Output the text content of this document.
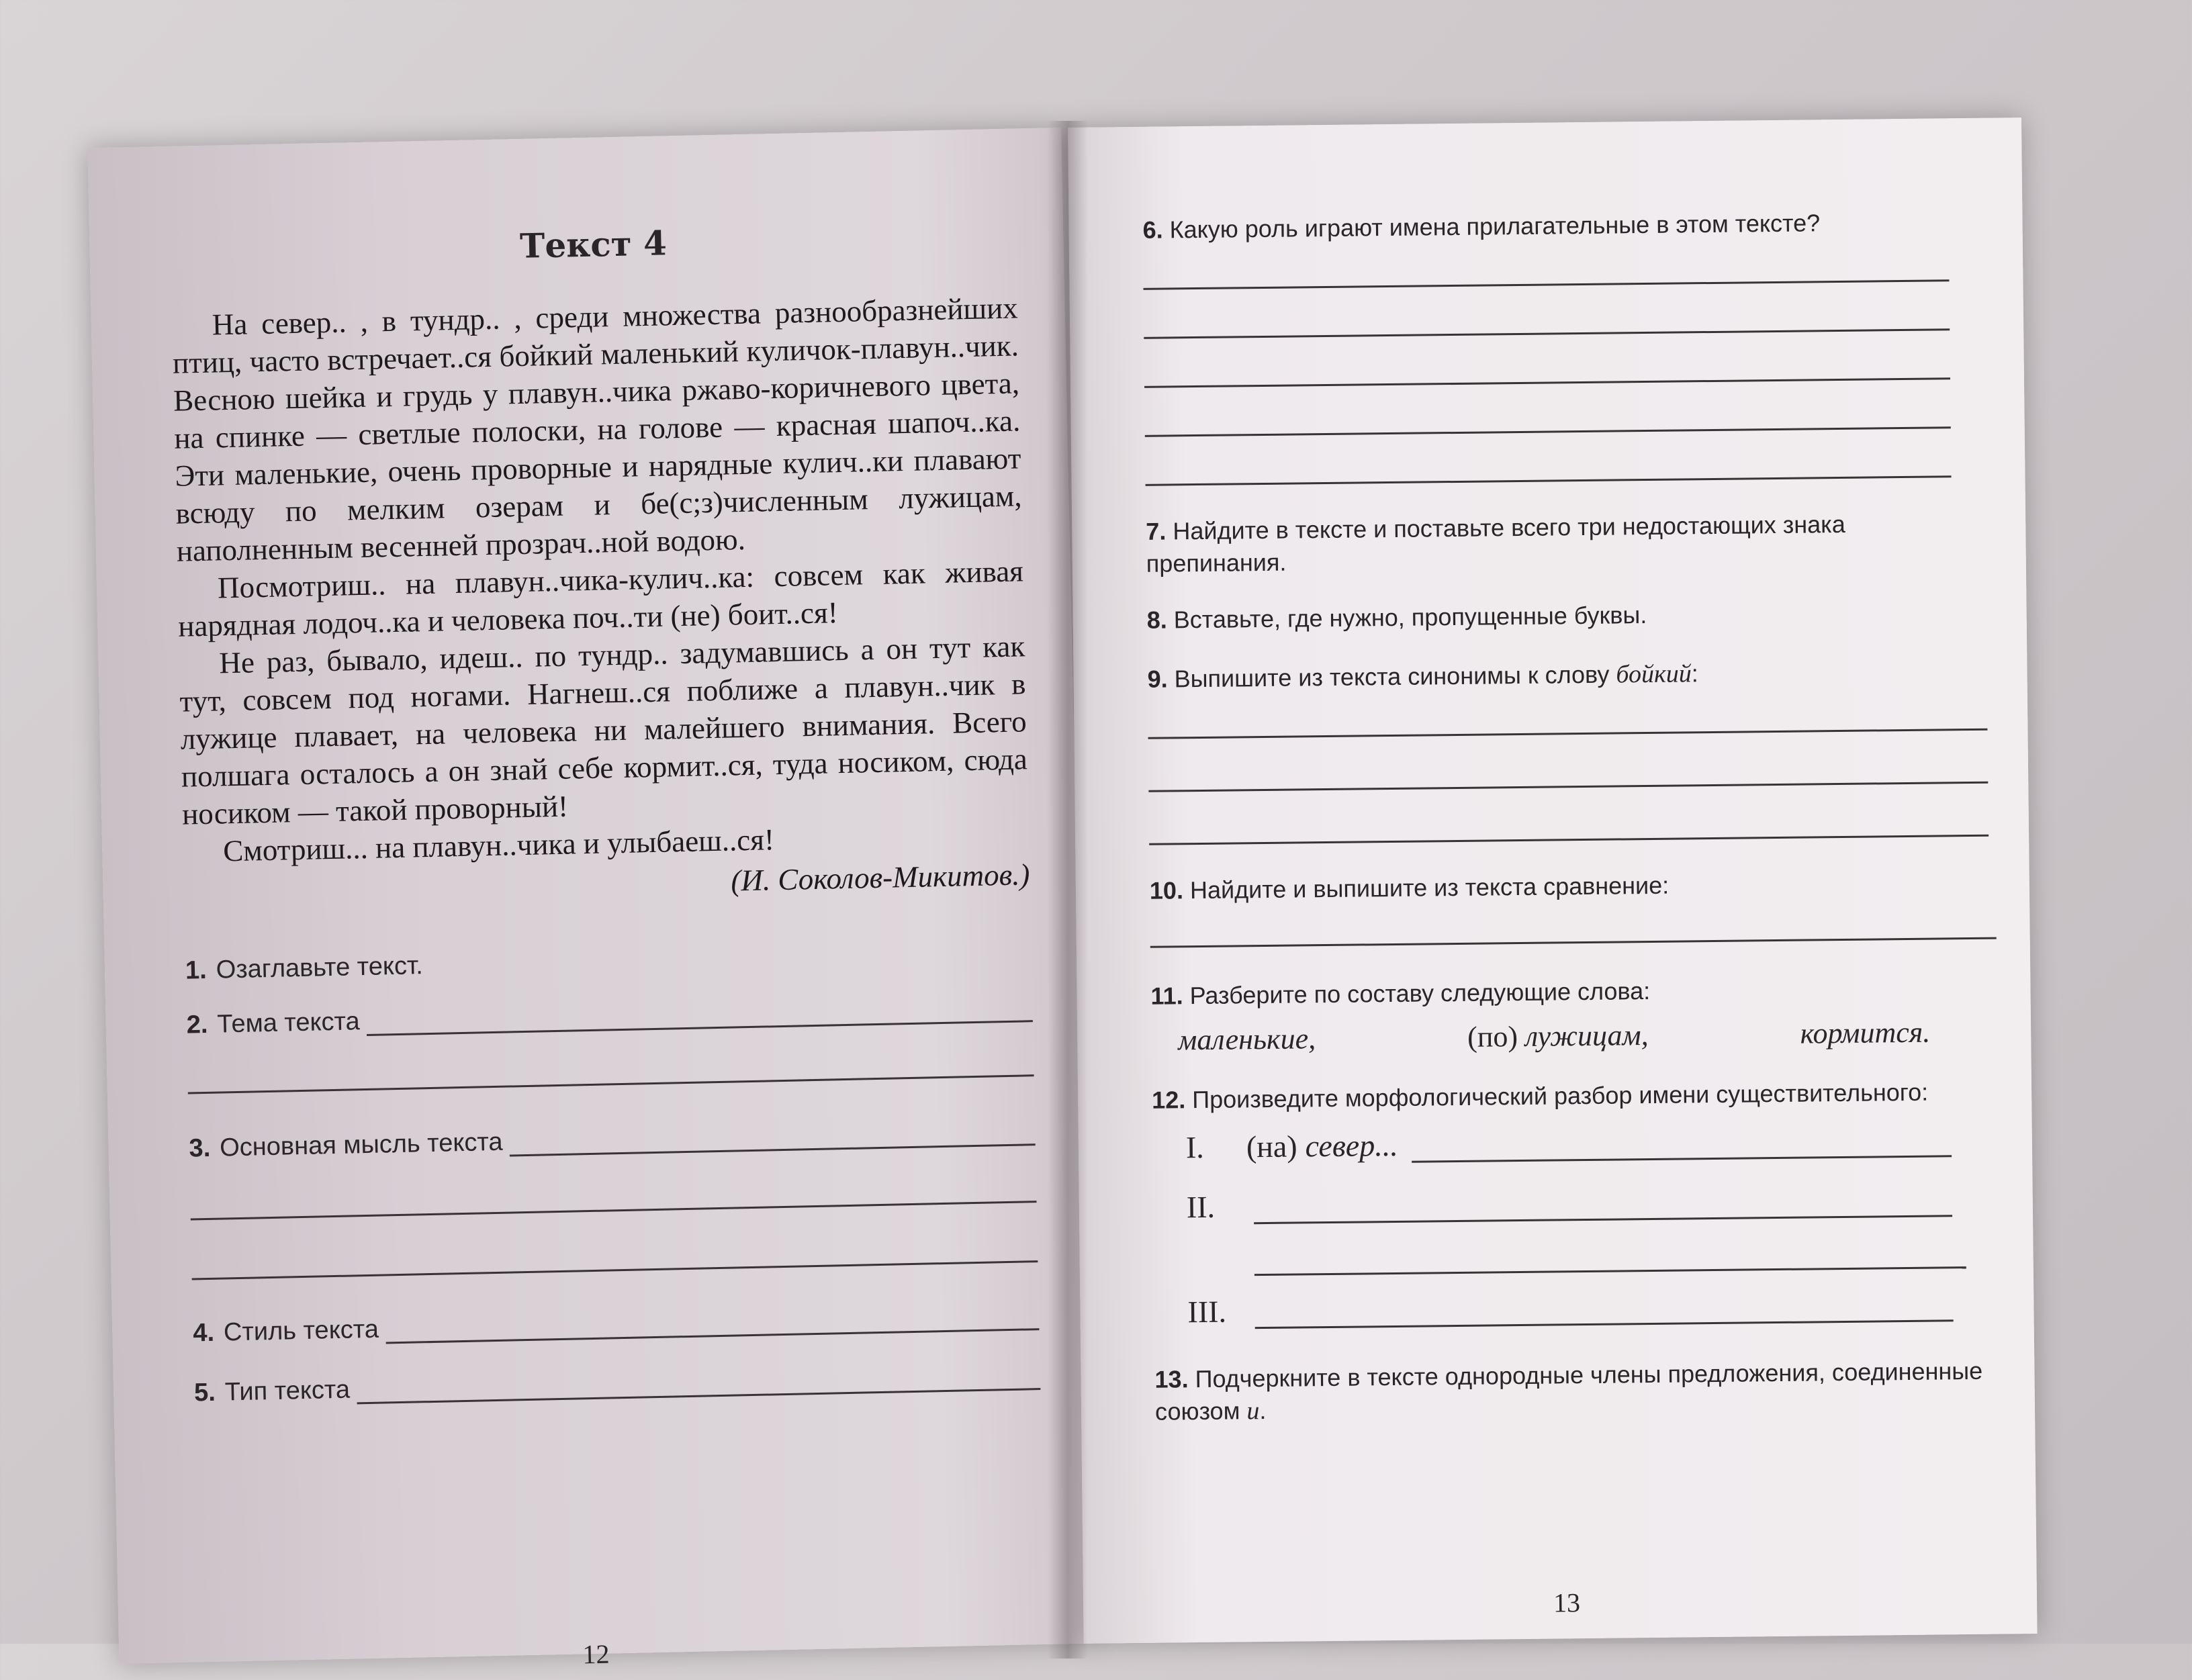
Текст 4

На север.. , в тундр.. , среди множества разнообразнейших птиц, часто встречает..ся бойкий маленький куличок-плавун..чик. Весною шейка и грудь у плавун..чика ржаво-коричневого цвета, на спинке — светлые полоски, на голове — красная шапоч..ка. Эти маленькие, очень проворные и нарядные кулич..ки плавают всюду по мелким озерам и бе(с;з)численным лужицам, наполненным весенней прозрач..ной водою.

Посмотриш.. на плавун..чика-кулич..ка: совсем как живая нарядная лодоч..ка и человека поч..ти (не) боит..ся!

Не раз, бывало, идеш.. по тундр.. задумавшись а он тут как тут, совсем под ногами. Нагнеш..ся поближе а плавун..чик в лужице плавает, на человека ни малейшего внимания. Всего полшага осталось а он знай себе кормит..ся, туда носиком, сюда носиком — такой проворный!

Смотриш... на плавун..чика и улыбаеш..ся!

(И. Соколов-Микитов.)
1. Озаглавьте текст.
2. Тема текста
3. Основная мысль текста
4. Стиль текста
5. Тип текста
12

6. Какую роль играют имена прилагательные в этом тексте?

7. Найдите в тексте и поставьте всего три недостающих знака препинания.

8. Вставьте, где нужно, пропущенные буквы.

9. Выпишите из текста синонимы к слову бойкий:

10. Найдите и выпишите из текста сравнение:

11. Разберите по составу следующие слова:

маленькие,	(по) лужицам,	кормится.

12. Произведите морфологический разбор имени существительного:

I.	(на) север...
II.
III.

13. Подчеркните в тексте однородные члены предложения, соединенные союзом и.

13
